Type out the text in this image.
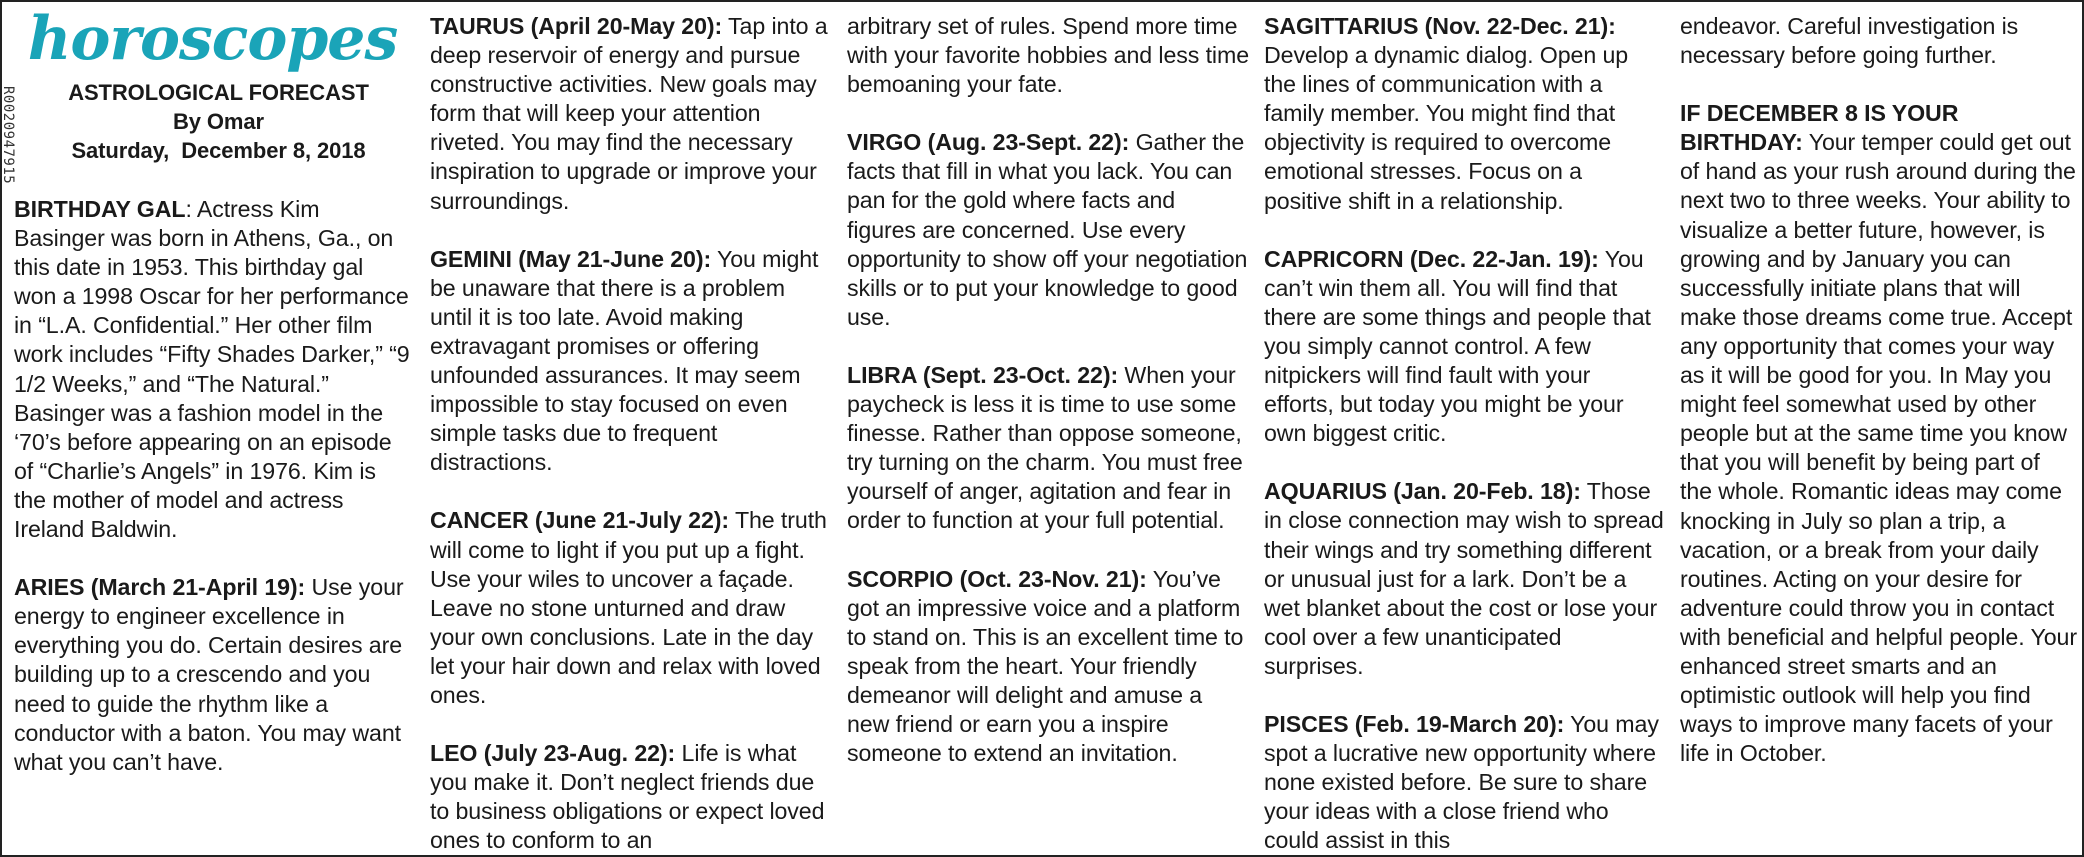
R002094791​5
horoscopes
ASTROLOGICAL FORECAST
By Omar
Saturday,  December 8, 2018

BIRTHDAY GAL: Actress Kim Basinger was born in Athens, Ga., on this date in 1953. This birthday gal won a 1998 Oscar for her performance in “L.A. Confidential.” Her other film work includes “Fifty Shades Darker,” “9 1/2 Weeks,” and “The Natural.” Basinger was a fashion model in the ‘70’s before appearing on an episode of “Charlie’s Angels” in 1976. Kim is the mother of model and actress Ireland Baldwin.

ARIES (March 21-April 19): Use your energy to engineer excellence in everything you do. Certain desires are building up to a crescendo and you need to guide the rhythm like a conductor with a baton. You may want what you can’t have.

TAURUS (April 20-May 20): Tap into a deep reservoir of energy and pursue constructive activities. New goals may form that will keep your attention riveted. You may find the necessary inspiration to upgrade or improve your surroundings.

GEMINI (May 21-June 20): You might be unaware that there is a problem until it is too late. Avoid making extravagant promises or offering unfounded assurances. It may seem impossible to stay focused on even simple tasks due to frequent distractions.

CANCER (June 21-July 22): The truth will come to light if you put up a fight. Use your wiles to uncover a façade. Leave no stone unturned and draw your own conclusions. Late in the day let your hair down and relax with loved ones.

LEO (July 23-Aug. 22): Life is what you make it. Don’t neglect friends due to business obligations or expect loved ones to conform to an

arbitrary set of rules. Spend more time with your favorite hobbies and less time bemoaning your fate.

VIRGO (Aug. 23-Sept. 22): Gather the facts that fill in what you lack. You can pan for the gold where facts and figures are concerned. Use every opportunity to show off your negotiation skills or to put your knowledge to good use.

LIBRA (Sept. 23-Oct. 22): When your paycheck is less it is time to use some finesse. Rather than oppose someone, try turning on the charm. You must free yourself of anger, agitation and fear in order to function at your full potential.

SCORPIO (Oct. 23-Nov. 21): You’ve got an impressive voice and a platform to stand on. This is an excellent time to speak from the heart. Your friendly demeanor will delight and amuse a new friend or earn you a inspire someone to extend an invitation.

SAGITTARIUS (Nov. 22-Dec. 21): Develop a dynamic dialog. Open up the lines of communication with a family member. You might find that objectivity is required to overcome emotional stresses. Focus on a positive shift in a relationship.

CAPRICORN (Dec. 22-Jan. 19): You can’t win them all. You will find that there are some things and people that you simply cannot control. A few nitpickers will find fault with your efforts, but today you might be your own biggest critic.

AQUARIUS (Jan. 20-Feb. 18): Those in close connection may wish to spread their wings and try something different or unusual just for a lark. Don’t be a wet blanket about the cost or lose your cool over a few unanticipated surprises.

PISCES (Feb. 19-March 20): You may spot a lucrative new opportunity where none existed before. Be sure to share your ideas with a close friend who could assist in this

endeavor. Careful investigation is necessary before going further.

IF DECEMBER 8 IS YOUR BIRTHDAY: Your temper could get out of hand as your rush around during the next two to three weeks. Your ability to visualize a better future, however, is growing and by January you can successfully initiate plans that will make those dreams come true. Accept any opportunity that comes your way as it will be good for you. In May you might feel somewhat used by other people but at the same time you know that you will benefit by being part of the whole. Romantic ideas may come knocking in July so plan a trip, a vacation, or a break from your daily routines. Acting on your desire for adventure could throw you in contact with beneficial and helpful people. Your enhanced street smarts and an optimistic outlook will help you find ways to improve many facets of your life in October.
